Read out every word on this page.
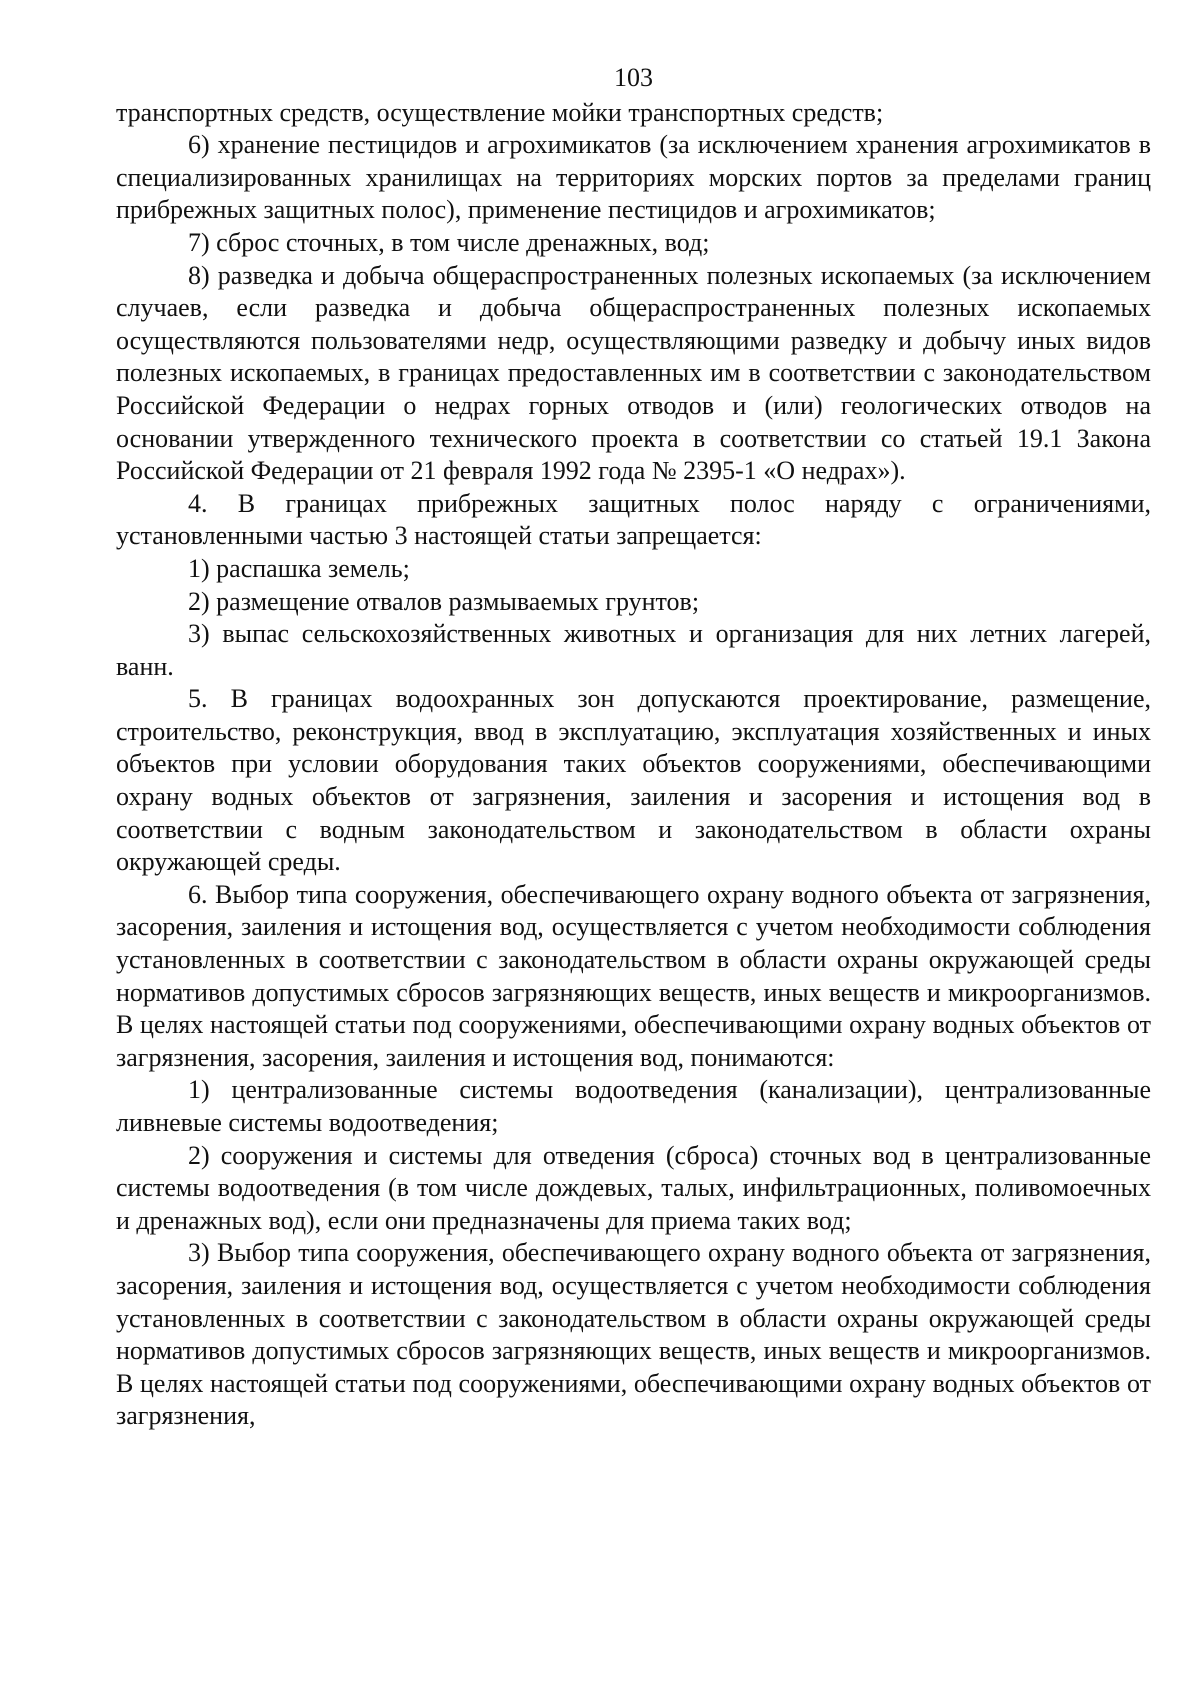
103

транспортных средств, осуществление мойки транспортных средств;

6) хранение пестицидов и агрохимикатов (за исключением хранения агрохимикатов в специализированных хранилищах на территориях морских портов за пределами границ прибрежных защитных полос), применение пестицидов и агрохимикатов;

7) сброс сточных, в том числе дренажных, вод;

8) разведка и добыча общераспространенных полезных ископаемых (за исключением случаев, если разведка и добыча общераспространенных полезных ископаемых осуществляются пользователями недр, осуществляющими разведку и добычу иных видов полезных ископаемых, в границах предоставленных им в соответствии с законодательством Российской Федерации о недрах горных отводов и (или) геологических отводов на основании утвержденного технического проекта в соответствии со статьей 19.1 Закона Российской Федерации от 21 февраля 1992 года № 2395-1 «О недрах»).

4. В границах прибрежных защитных полос наряду с ограничениями, установленными частью 3 настоящей статьи запрещается:

1) распашка земель;

2) размещение отвалов размываемых грунтов;

3) выпас сельскохозяйственных животных и организация для них летних лагерей, ванн.

5. В границах водоохранных зон допускаются проектирование, размещение, строительство, реконструкция, ввод в эксплуатацию, эксплуатация хозяйственных и иных объектов при условии оборудования таких объектов сооружениями, обеспечивающими охрану водных объектов от загрязнения, заиления и засорения и истощения вод в соответствии с водным законодательством и законодательством в области охраны окружающей среды.

6. Выбор типа сооружения, обеспечивающего охрану водного объекта от загрязнения, засорения, заиления и истощения вод, осуществляется с учетом необходимости соблюдения установленных в соответствии с законодательством в области охраны окружающей среды нормативов допустимых сбросов загрязняющих веществ, иных веществ и микроорганизмов. В целях настоящей статьи под сооружениями, обеспечивающими охрану водных объектов от загрязнения, засорения, заиления и истощения вод, понимаются:

1) централизованные системы водоотведения (канализации), централизованные ливневые системы водоотведения;

2) сооружения и системы для отведения (сброса) сточных вод в централизованные системы водоотведения (в том числе дождевых, талых, инфильтрационных, поливомоечных и дренажных вод), если они предназначены для приема таких вод;

3) Выбор типа сооружения, обеспечивающего охрану водного объекта от загрязнения, засорения, заиления и истощения вод, осуществляется с учетом необходимости соблюдения установленных в соответствии с законодательством в области охраны окружающей среды нормативов допустимых сбросов загрязняющих веществ, иных веществ и микроорганизмов. В целях настоящей статьи под сооружениями, обеспечивающими охрану водных объектов от загрязнения,
